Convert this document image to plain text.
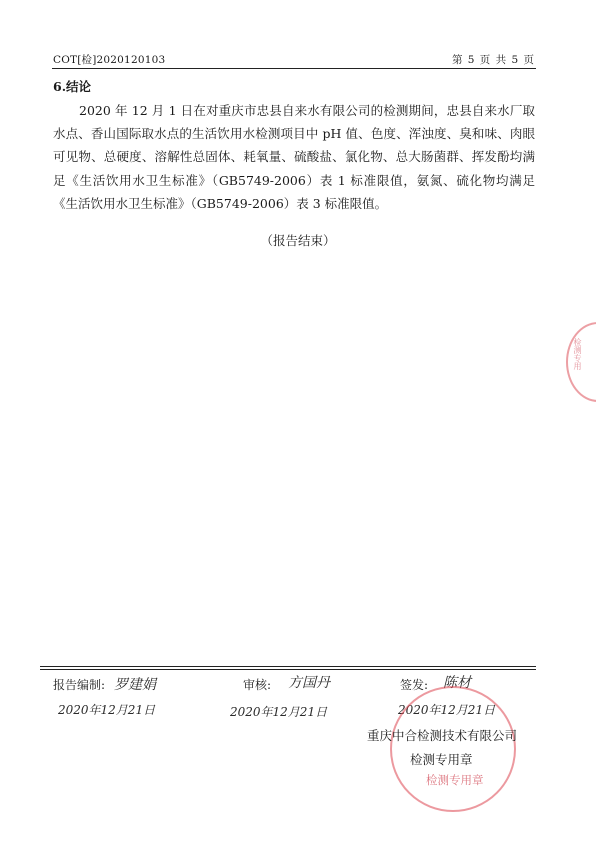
COT[检]2020120103	第 5 页 共 5 页
6.结论
2020 年 12 月 1 日在对重庆市忠县自来水有限公司的检测期间，忠县自来水厂取水点、香山国际取水点的生活饮用水检测项目中 pH 值、色度、浑浊度、臭和味、肉眼可见物、总硬度、溶解性总固体、耗氧量、硫酸盐、氯化物、总大肠菌群、挥发酚均满足《生活饮用水卫生标准》（GB5749-2006）表 1 标准限值，氨氮、硫化物均满足《生活饮用水卫生标准》（GB5749-2006）表 3 标准限值。
（报告结束）
检测专用
报告编制: 罗建娟
2020年12月21日
审核: 方国丹
2020年12月21日
签发: 陈材
2020年12月21日
重庆中合检测技术有限公司
检测专用章
检测专用章
